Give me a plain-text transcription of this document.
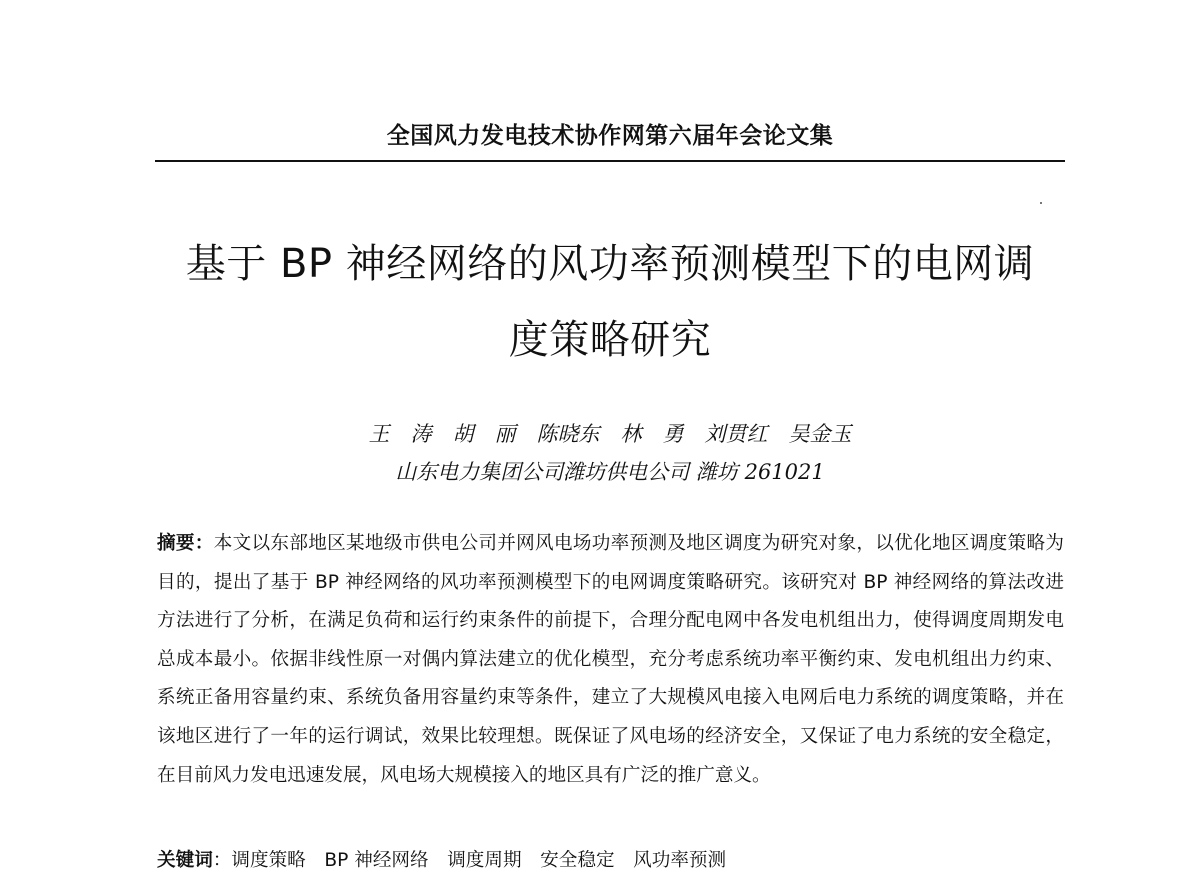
全国风力发电技术协作网第六届年会论文集
基于 BP 神经网络的风功率预测模型下的电网调
度策略研究
王　涛　胡　丽　陈晓东　林　勇　刘贯红　吴金玉
山东电力集团公司潍坊供电公司 潍坊 261021
摘要：本文以东部地区某地级市供电公司并网风电场功率预测及地区调度为研究对象，以优化地区调度策略为目的，提出了基于 BP 神经网络的风功率预测模型下的电网调度策略研究。该研究对 BP 神经网络的算法改进方法进行了分析，在满足负荷和运行约束条件的前提下，合理分配电网中各发电机组出力，使得调度周期发电总成本最小。依据非线性原一对偶内算法建立的优化模型，充分考虑系统功率平衡约束、发电机组出力约束、系统正备用容量约束、系统负备用容量约束等条件，建立了大规模风电接入电网后电力系统的调度策略，并在该地区进行了一年的运行调试，效果比较理想。既保证了风电场的经济安全，又保证了电力系统的安全稳定，在目前风力发电迅速发展，风电场大规模接入的地区具有广泛的推广意义。
关键词：调度策略　BP 神经网络　调度周期　安全稳定　风功率预测
